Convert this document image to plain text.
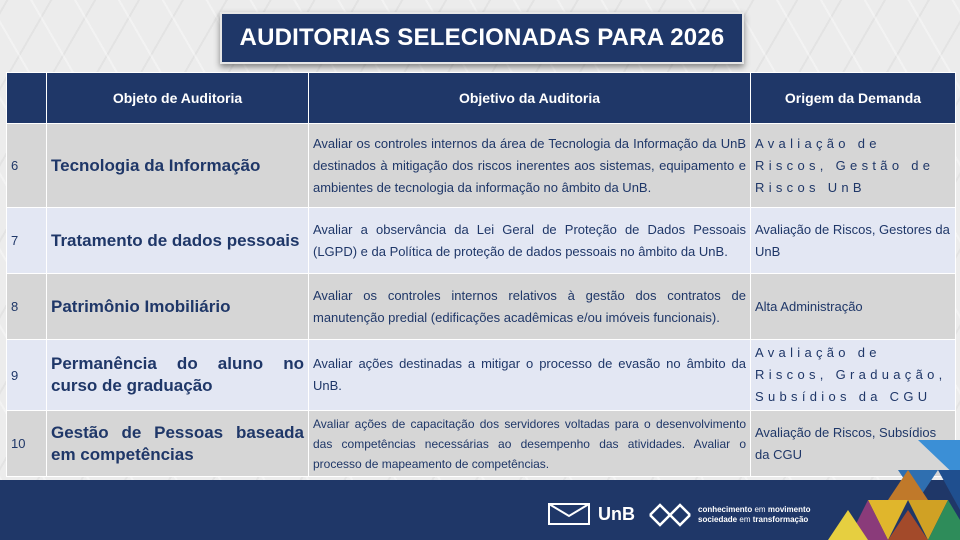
AUDITORIAS SELECIONADAS PARA 2026
	Objeto de Auditoria	Objetivo da Auditoria	Origem da Demanda
6	Tecnologia da Informação	Avaliar os controles internos da área de Tecnologia da Informação da UnB destinados à mitigação dos riscos inerentes aos sistemas, equipamento e ambientes de tecnologia da informação no âmbito da UnB.	Avaliação de Riscos, Gestão de Riscos UnB
7	Tratamento de dados pessoais	Avaliar a observância da Lei Geral de Proteção de Dados Pessoais (LGPD) e da Política de proteção de dados pessoais no âmbito da UnB.	Avaliação de Riscos, Gestores da UnB
8	Patrimônio Imobiliário	Avaliar os controles internos relativos à gestão dos contratos de manutenção predial (edificações acadêmicas e/ou imóveis funcionais).	Alta Administração
9	Permanência do aluno no curso de graduação	Avaliar ações destinadas a mitigar o processo de evasão no âmbito da UnB.	Avaliação de Riscos, Graduação, Subsídios da CGU
10	Gestão de Pessoas baseada em competências	Avaliar ações de capacitação dos servidores voltadas para o desenvolvimento das competências necessárias ao desempenho das atividades. Avaliar o processo de mapeamento de competências.	Avaliação de Riscos, Subsídios da CGU
UnB	conhecimento em movimento
sociedade em transformação
